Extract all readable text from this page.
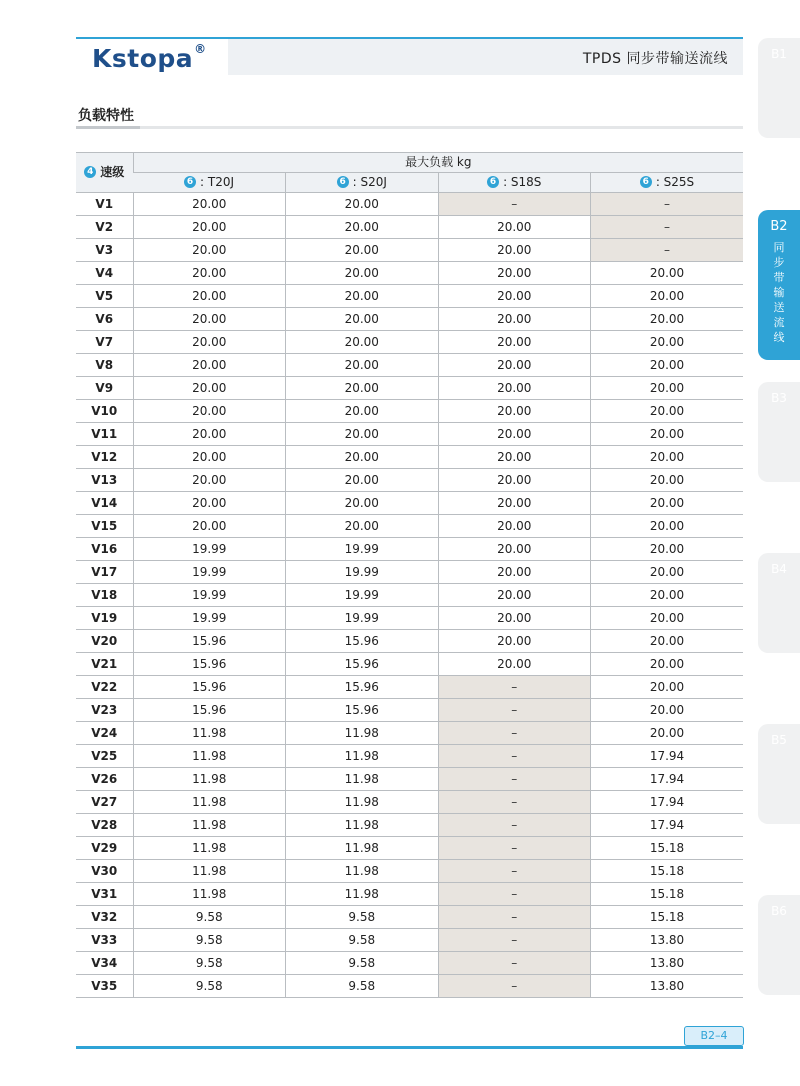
Kstopa®
TPDS 同步带输送流线
负载特性
4 速级	最大负载 kg			
	6 : T20J	6 : S20J	6 : S18S	6 : S25S
V1	20.00	20.00	–	–
V2	20.00	20.00	20.00	–
V3	20.00	20.00	20.00	–
V4	20.00	20.00	20.00	20.00
V5	20.00	20.00	20.00	20.00
V6	20.00	20.00	20.00	20.00
V7	20.00	20.00	20.00	20.00
V8	20.00	20.00	20.00	20.00
V9	20.00	20.00	20.00	20.00
V10	20.00	20.00	20.00	20.00
V11	20.00	20.00	20.00	20.00
V12	20.00	20.00	20.00	20.00
V13	20.00	20.00	20.00	20.00
V14	20.00	20.00	20.00	20.00
V15	20.00	20.00	20.00	20.00
V16	19.99	19.99	20.00	20.00
V17	19.99	19.99	20.00	20.00
V18	19.99	19.99	20.00	20.00
V19	19.99	19.99	20.00	20.00
V20	15.96	15.96	20.00	20.00
V21	15.96	15.96	20.00	20.00
V22	15.96	15.96	–	20.00
V23	15.96	15.96	–	20.00
V24	11.98	11.98	–	20.00
V25	11.98	11.98	–	17.94
V26	11.98	11.98	–	17.94
V27	11.98	11.98	–	17.94
V28	11.98	11.98	–	17.94
V29	11.98	11.98	–	15.18
V30	11.98	11.98	–	15.18
V31	11.98	11.98	–	15.18
V32	9.58	9.58	–	15.18
V33	9.58	9.58	–	13.80
V34	9.58	9.58	–	13.80
V35	9.58	9.58	–	13.80
B2–4
B1
B2
同步带输送流线
B3
B4
B5
B6
